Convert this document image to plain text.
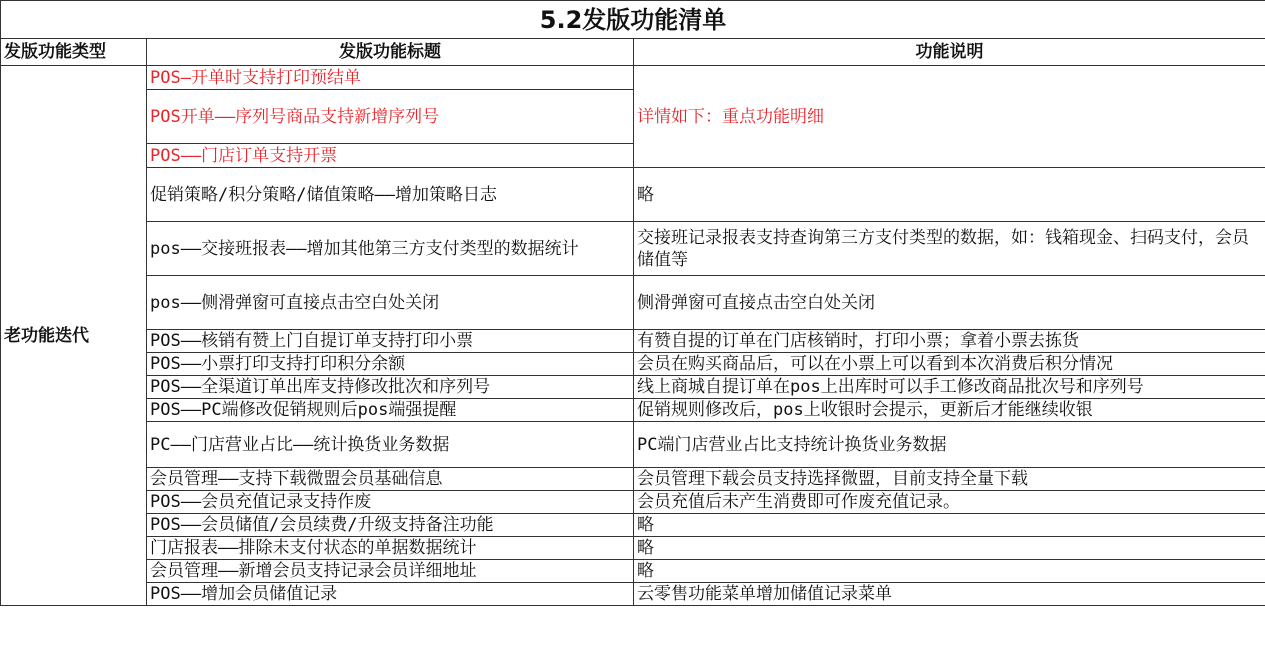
5.2发版功能清单		
发版功能类型	发版功能标题	功能说明
老功能迭代	POS—开单时支持打印预结单	详情如下：重点功能明细
	POS开单——序列号商品支持新增序列号	
	POS——门店订单支持开票	
	促销策略/积分策略/储值策略——增加策略日志	略
	pos——交接班报表——增加其他第三方支付类型的数据统计	交接班记录报表支持查询第三方支付类型的数据，如：钱箱现金、扫码支付，会员储值等
	pos——侧滑弹窗可直接点击空白处关闭	侧滑弹窗可直接点击空白处关闭
	POS——核销有赞上门自提订单支持打印小票	有赞自提的订单在门店核销时，打印小票；拿着小票去拣货
	POS——小票打印支持打印积分余额	会员在购买商品后，可以在小票上可以看到本次消费后积分情况
	POS——全渠道订单出库支持修改批次和序列号	线上商城自提订单在pos上出库时可以手工修改商品批次号和序列号
	POS——PC端修改促销规则后pos端强提醒	促销规则修改后，pos上收银时会提示，更新后才能继续收银
	PC——门店营业占比——统计换货业务数据	PC端门店营业占比支持统计换货业务数据
	会员管理——支持下载微盟会员基础信息	会员管理下载会员支持选择微盟，目前支持全量下载
	POS——会员充值记录支持作废	会员充值后未产生消费即可作废充值记录。
	POS——会员储值/会员续费/升级支持备注功能	略
	门店报表——排除未支付状态的单据数据统计	略
	会员管理——新增会员支持记录会员详细地址	略
	POS——增加会员储值记录	云零售功能菜单增加储值记录菜单
